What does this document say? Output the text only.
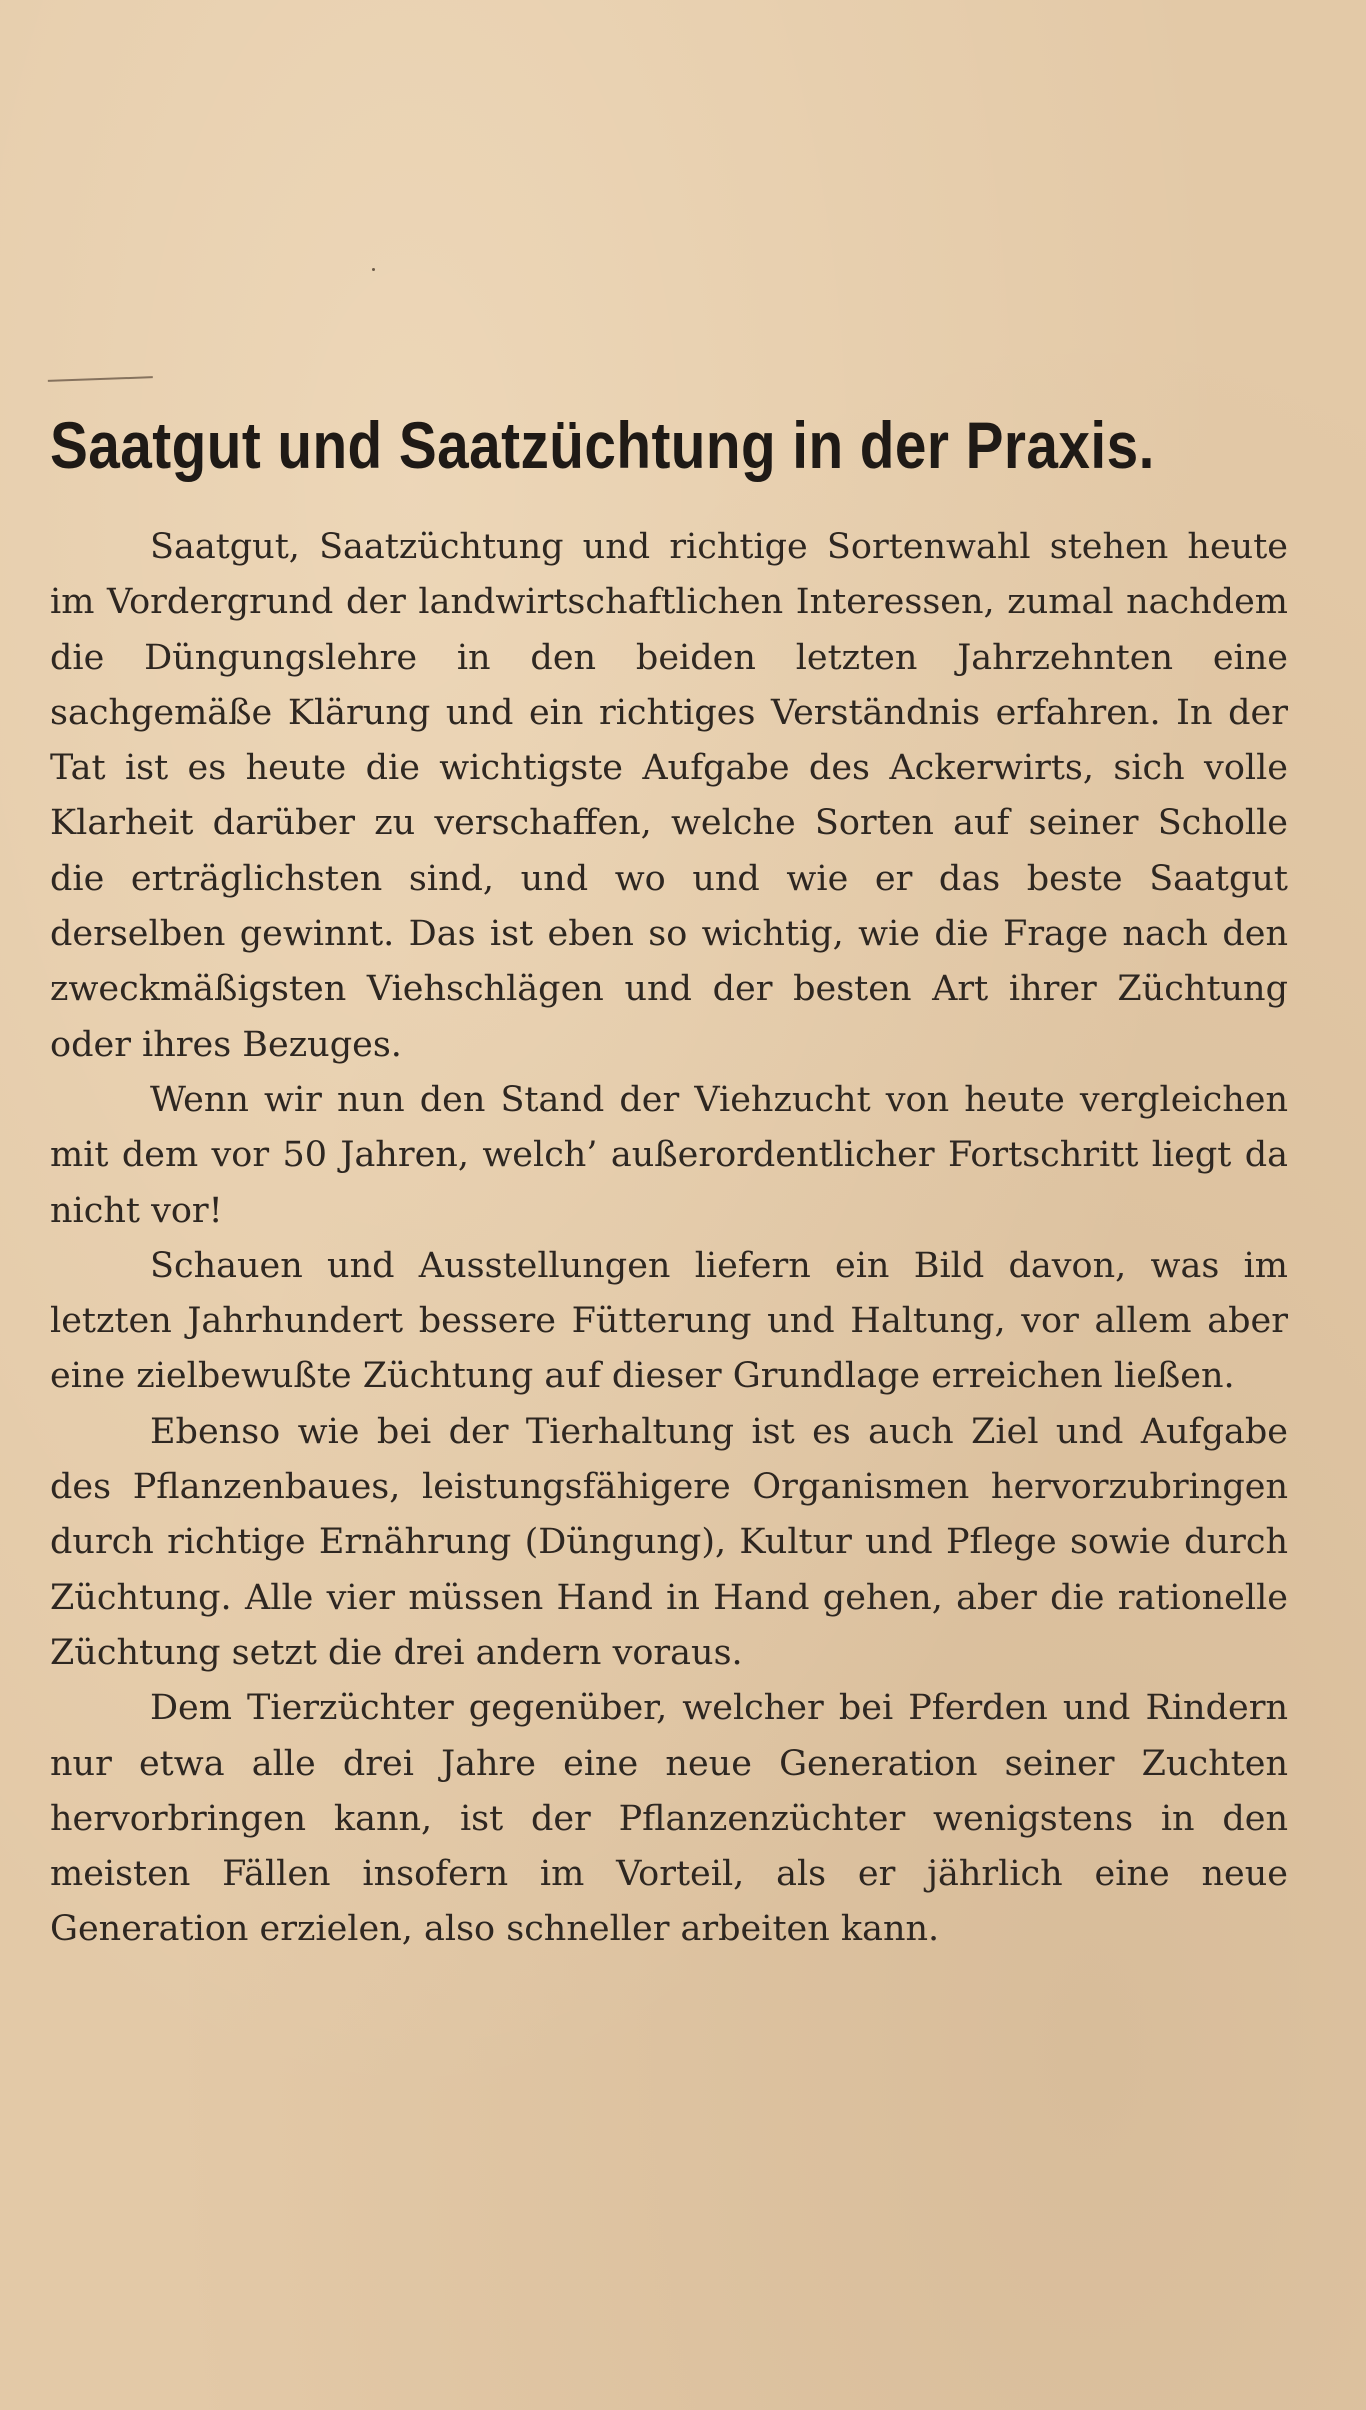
Saatgut und Saatzüchtung in der Praxis.

Saatgut, Saatzüchtung und richtige Sortenwahl stehen heute im Vordergrund der landwirtschaftlichen Interessen, zumal nachdem die Düngungslehre in den beiden letzten Jahrzehnten eine sachgemäße Klärung und ein richtiges Verständnis erfahren. In der Tat ist es heute die wichtigste Aufgabe des Ackerwirts, sich volle Klarheit darüber zu verschaffen, welche Sorten auf seiner Scholle die erträglichsten sind, und wo und wie er das beste Saatgut derselben gewinnt. Das ist eben so wichtig, wie die Frage nach den zweckmäßigsten Viehschlägen und der besten Art ihrer Züchtung oder ihres Bezuges.

Wenn wir nun den Stand der Viehzucht von heute vergleichen mit dem vor 50 Jahren, welch’ außerordentlicher Fortschritt liegt da nicht vor!

Schauen und Ausstellungen liefern ein Bild davon, was im letzten Jahrhundert bessere Fütterung und Haltung, vor allem aber eine zielbewußte Züchtung auf dieser Grundlage erreichen ließen.

Ebenso wie bei der Tierhaltung ist es auch Ziel und Aufgabe des Pflanzenbaues, leistungsfähigere Organismen hervorzubringen durch richtige Ernährung (Düngung), Kultur und Pflege sowie durch Züchtung. Alle vier müssen Hand in Hand gehen, aber die rationelle Züchtung setzt die drei andern voraus.

Dem Tierzüchter gegenüber, welcher bei Pferden und Rindern nur etwa alle drei Jahre eine neue Generation seiner Zuchten hervorbringen kann, ist der Pflanzenzüchter wenigstens in den meisten Fällen insofern im Vorteil, als er jährlich eine neue Generation erzielen, also schneller arbeiten kann.
